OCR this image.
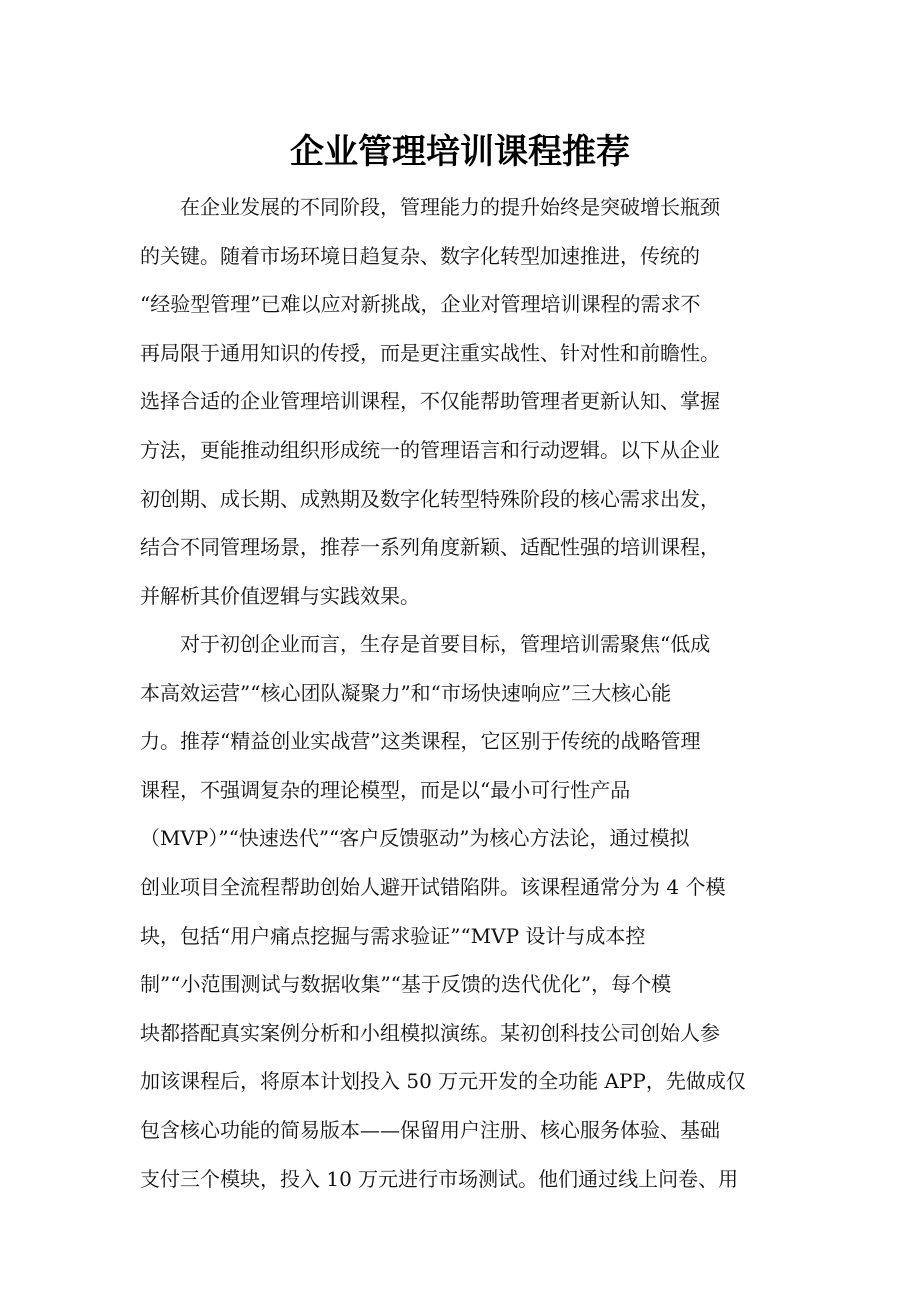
企业管理培训课程推荐
在企业发展的不同阶段，管理能力的提升始终是突破增长瓶颈
的关键。随着市场环境日趋复杂、数字化转型加速推进，传统的
“经验型管理”已难以应对新挑战，企业对管理培训课程的需求不
再局限于通用知识的传授，而是更注重实战性、针对性和前瞻性。
选择合适的企业管理培训课程，不仅能帮助管理者更新认知、掌握
方法，更能推动组织形成统一的管理语言和行动逻辑。以下从企业
初创期、成长期、成熟期及数字化转型特殊阶段的核心需求出发，
结合不同管理场景，推荐一系列角度新颖、适配性强的培训课程，
并解析其价值逻辑与实践效果。
对于初创企业而言，生存是首要目标，管理培训需聚焦“低成
本高效运营”“核心团队凝聚力”和“市场快速响应”三大核心能
力。推荐“精益创业实战营”这类课程，它区别于传统的战略管理
课程，不强调复杂的理论模型，而是以“最小可行性产品
（MVP）”“快速迭代”“客户反馈驱动”为核心方法论，通过模拟
创业项目全流程帮助创始人避开试错陷阱。该课程通常分为 4 个模
块，包括“用户痛点挖掘与需求验证”“MVP 设计与成本控
制”“小范围测试与数据收集”“基于反馈的迭代优化”，每个模
块都搭配真实案例分析和小组模拟演练。某初创科技公司创始人参
加该课程后，将原本计划投入 50 万元开发的全功能 APP，先做成仅
包含核心功能的简易版本——保留用户注册、核心服务体验、基础
支付三个模块，投入 10 万元进行市场测试。他们通过线上问卷、用
